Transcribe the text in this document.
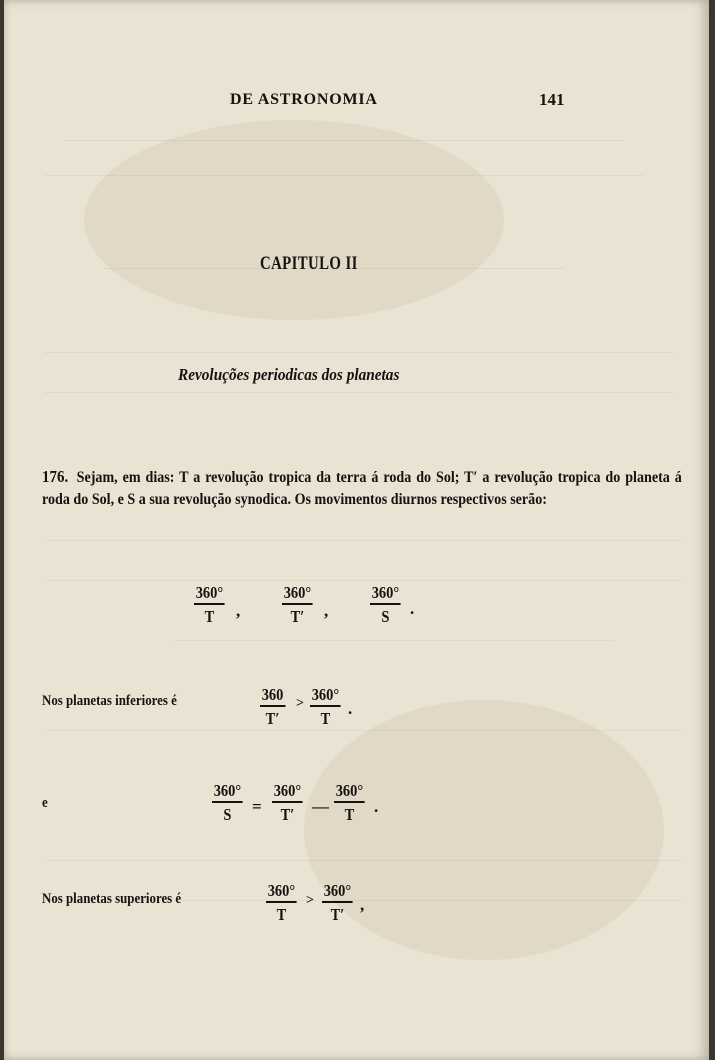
DE ASTRONOMIA	141
CAPITULO II
Revoluções periodicas dos planetas
176. Sejam, em dias: T a revolução tropica da terra á roda do Sol; T′ a revolução tropica do planeta á roda do Sol, e S a sua revolução synodica. Os movimentos diurnos respectivos serão:
$\frac{360^\circ}{T}$ , $\frac{360^\circ}{T'}$ , $\frac{360^\circ}{S}$ .
Nos planetas inferiores é	$\frac{360}{T'} > \frac{360^\circ}{T}$ .
e	$\frac{360^\circ}{S} = \frac{360^\circ}{T'}$ — $\frac{360^\circ}{T}$ .
Nos planetas superiores é	$\frac{360^\circ}{T} > \frac{360^\circ}{T'}$ ,
